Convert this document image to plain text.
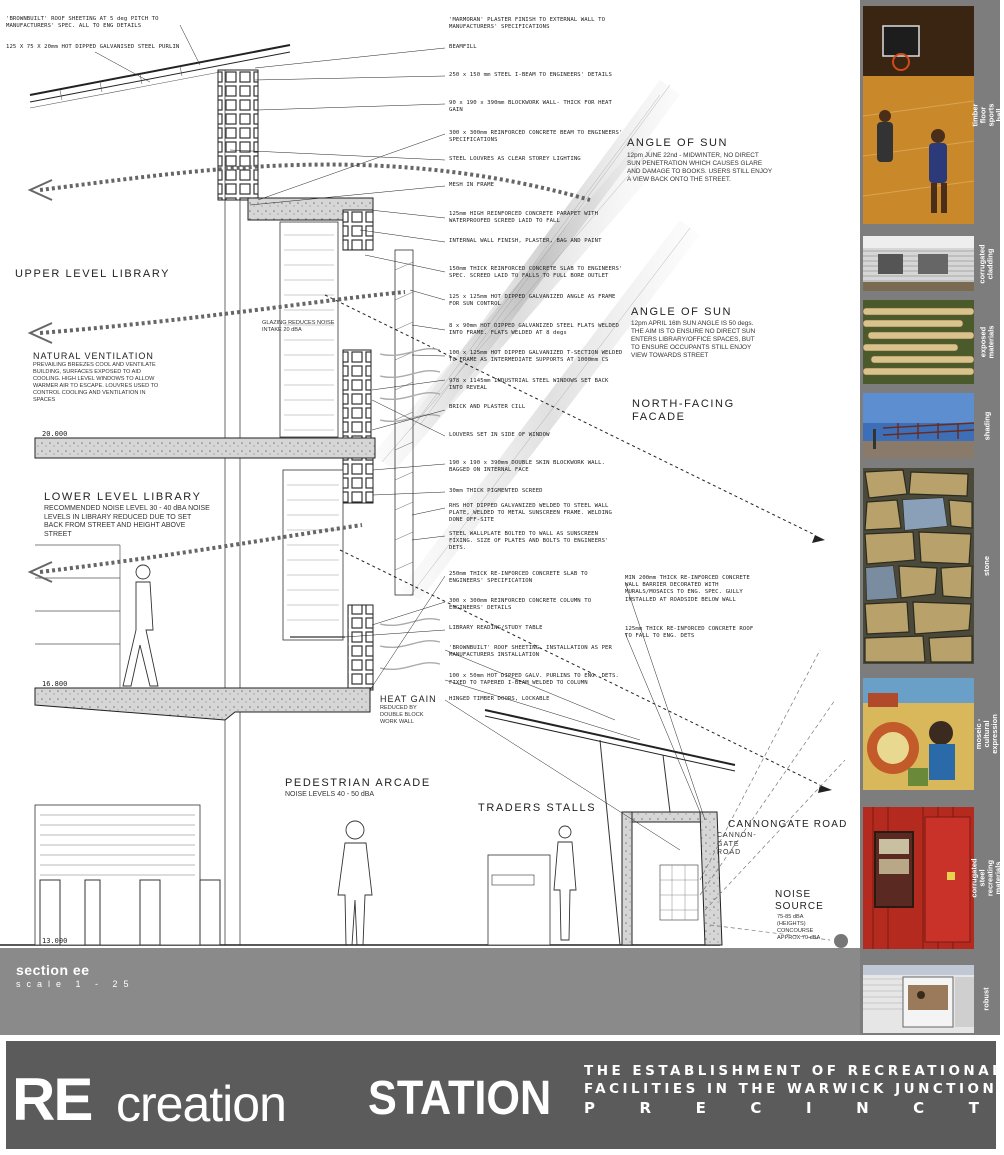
20.000
16.800
13.000
'BROWNBUILT' ROOF SHEETING AT 5 deg PITCH TO MANUFACTURERS' SPEC. ALL TO ENG DETAILS
125 X 75 X 20mm HOT DIPPED GALVANISED STEEL PURLIN
UPPER LEVEL LIBRARY
NATURAL VENTILATION
PREVAILING BREEZES COOL AND VENTILATE BUILDING, SURFACES EXPOSED TO AID COOLING. HIGH LEVEL WINDOWS TO ALLOW WARMER AIR TO ESCAPE. LOUVRES USED TO CONTROL COOLING AND VENTILATION IN SPACES
GLAZING REDUCES NOISE INTAKE 20 dBA
LOWER LEVEL LIBRARY
RECOMMENDED NOISE LEVEL 30 - 40 dBA NOISE LEVELS IN LIBRARY REDUCED DUE TO SET BACK FROM STREET AND HEIGHT ABOVE STREET
HEAT GAIN
REDUCED BY DOUBLE BLOCK WORK WALL
PEDESTRIAN ARCADE
NOISE LEVELS 40 - 50 dBA
TRADERS STALLS
ANGLE OF SUN
12pm JUNE 22nd - MIDWINTER, NO DIRECT SUN PENETRATION WHICH CAUSES GLARE AND DAMAGE TO BOOKS. USERS STILL ENJOY A VIEW BACK ONTO THE STREET.
ANGLE OF SUN
12pm APRIL 16th SUN ANGLE IS 50 degs. THE AIM IS TO ENSURE NO DIRECT SUN ENTERS LIBRARY/OFFICE SPACES, BUT TO ENSURE OCCUPANTS STILL ENJOY VIEW TOWARDS STREET
NORTH-FACING FACADE
CANNONGATE ROAD
CANNON- GATE ROAD
NOISE SOURCE
75-85 dBA (HEIGHTS) CONCOURSE APPROX 70 dBA
'MARMORAN' PLASTER FINISH TO EXTERNAL WALL TO MANUFACTURERS' SPECIFICATIONS
BEAMFILL
250 x 150 mm STEEL I-BEAM TO ENGINEERS' DETAILS
90 x 190 x 390mm BLOCKWORK WALL- THICK FOR HEAT GAIN
300 x 300mm REINFORCED CONCRETE BEAM TO ENGINEERS' SPECIFICATIONS
STEEL LOUVRES AS CLEAR STOREY LIGHTING
MESH IN FRAME
125mm HIGH REINFORCED CONCRETE PARAPET WITH WATERPROOFED SCREED LAID TO FALL
INTERNAL WALL FINISH, PLASTER, BAG AND PAINT
150mm THICK REINFORCED CONCRETE SLAB TO ENGINEERS' SPEC. SCREED LAID TO FALLS TO FULL BORE OUTLET
125 x 125mm HOT DIPPED GALVANIZED ANGLE AS FRAME FOR SUN CONTROL
8 x 90mm HOT DIPPED GALVANIZED STEEL FLATS WELDED INTO FRAME. FLATS WELDED AT 8 degs
100 x 125mm HOT DIPPED GALVANIZED T-SECTION WELDED TO FRAME AS INTERMEDIATE SUPPORTS AT 1000mm CS
978 x 1145mm INDUSTRIAL STEEL WINDOWS SET BACK INTO REVEAL
BRICK AND PLASTER CILL
LOUVERS SET IN SIDE OF WINDOW
190 x 190 x 390mm DOUBLE SKIN BLOCKWORK WALL. BAGGED ON INTERNAL FACE
30mm THICK PIGMENTED SCREED
RHS HOT DIPPED GALVANIZED WELDED TO STEEL WALL PLATE, WELDED TO METAL SUNSCREEN FRAME. WELDING DONE OFF-SITE
STEEL WALLPLATE BOLTED TO WALL AS SUNSCREEN FIXING. SIZE OF PLATES AND BOLTS TO ENGINEERS' DETS.
250mm THICK RE-INFORCED CONCRETE SLAB TO ENGINEERS' SPECIFICATION
300 x 300mm REINFORCED CONCRETE COLUMN TO ENGINEERS' DETAILS
LIBRARY READING/STUDY TABLE
'BROWNBUILT' ROOF SHEETING. INSTALLATION AS PER MANUFACTURERS INSTALLATION
100 x 50mm HOT DIPPED GALV. PURLINS TO ENG. DETS. FIXED TO TAPERED I-BEAM WELDED TO COLUMN
HINGED TIMBER DOORS, LOCKABLE
MIN 200mm THICK RE-INFORCED CONCRETE WALL BARRIER DECORATED WITH MURALS/MOSAICS TO ENG. SPEC. GULLY INSTALLED AT ROADSIDE BELOW WALL
125mm THICK RE-INFORCED CONCRETE ROOF TO FALL TO ENG. DETS
section ee
scale 1 - 25
timber floor sports hall
corrugated cladding
exposed materials
shading
stone
moseic - cultural expression
corrugated steel recreating materials
robust
RE creation STATION
THE ESTABLISHMENT OF RECREATIONAL
FACILITIES IN THE WARWICK JUNCTION
P	R	E	C	I	N	C	T
